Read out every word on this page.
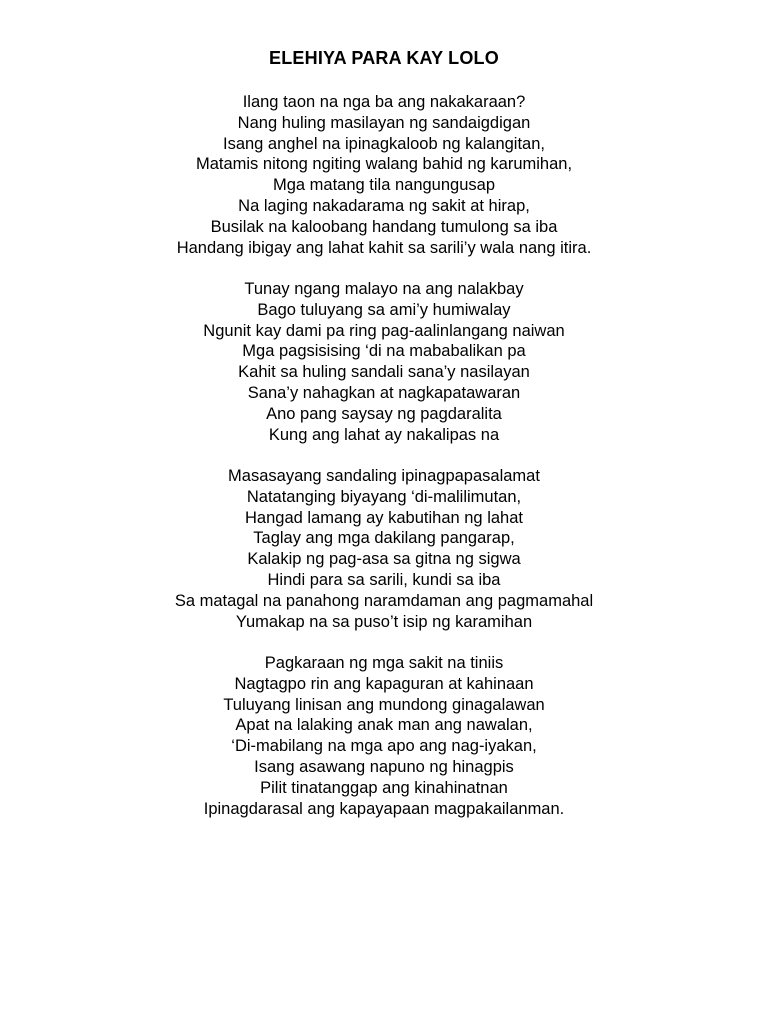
ELEHIYA PARA KAY LOLO
Ilang taon na nga ba ang nakakaraan?
Nang huling masilayan ng sandaigdigan
Isang anghel na ipinagkaloob ng kalangitan,
Matamis nitong ngiting walang bahid ng karumihan,
Mga matang tila nangungusap
Na laging nakadarama ng sakit at hirap,
Busilak na kaloobang handang tumulong sa iba
Handang ibigay ang lahat kahit sa sarili’y wala nang itira.
Tunay ngang malayo na ang nalakbay
Bago tuluyang sa ami’y humiwalay
Ngunit kay dami pa ring pag-aalinlangang naiwan
Mga pagsisising ‘di na mababalikan pa
Kahit sa huling sandali sana’y nasilayan
Sana’y nahagkan at nagkapatawaran
Ano pang saysay ng pagdaralita
Kung ang lahat ay nakalipas na
Masasayang sandaling ipinagpapasalamat
Natatanging biyayang ‘di-malilimutan,
Hangad lamang ay kabutihan ng lahat
Taglay ang mga dakilang pangarap,
Kalakip ng pag-asa sa gitna ng sigwa
Hindi para sa sarili, kundi sa iba
Sa matagal na panahong naramdaman ang pagmamahal
Yumakap na sa puso’t isip ng karamihan
Pagkaraan ng mga sakit na tiniis
Nagtagpo rin ang kapaguran at kahinaan
Tuluyang linisan ang mundong ginagalawan
Apat na lalaking anak man ang nawalan,
‘Di-mabilang na mga apo ang nag-iyakan,
Isang asawang napuno ng hinagpis
Pilit tinatanggap ang kinahinatnan
Ipinagdarasal ang kapayapaan magpakailanman.
